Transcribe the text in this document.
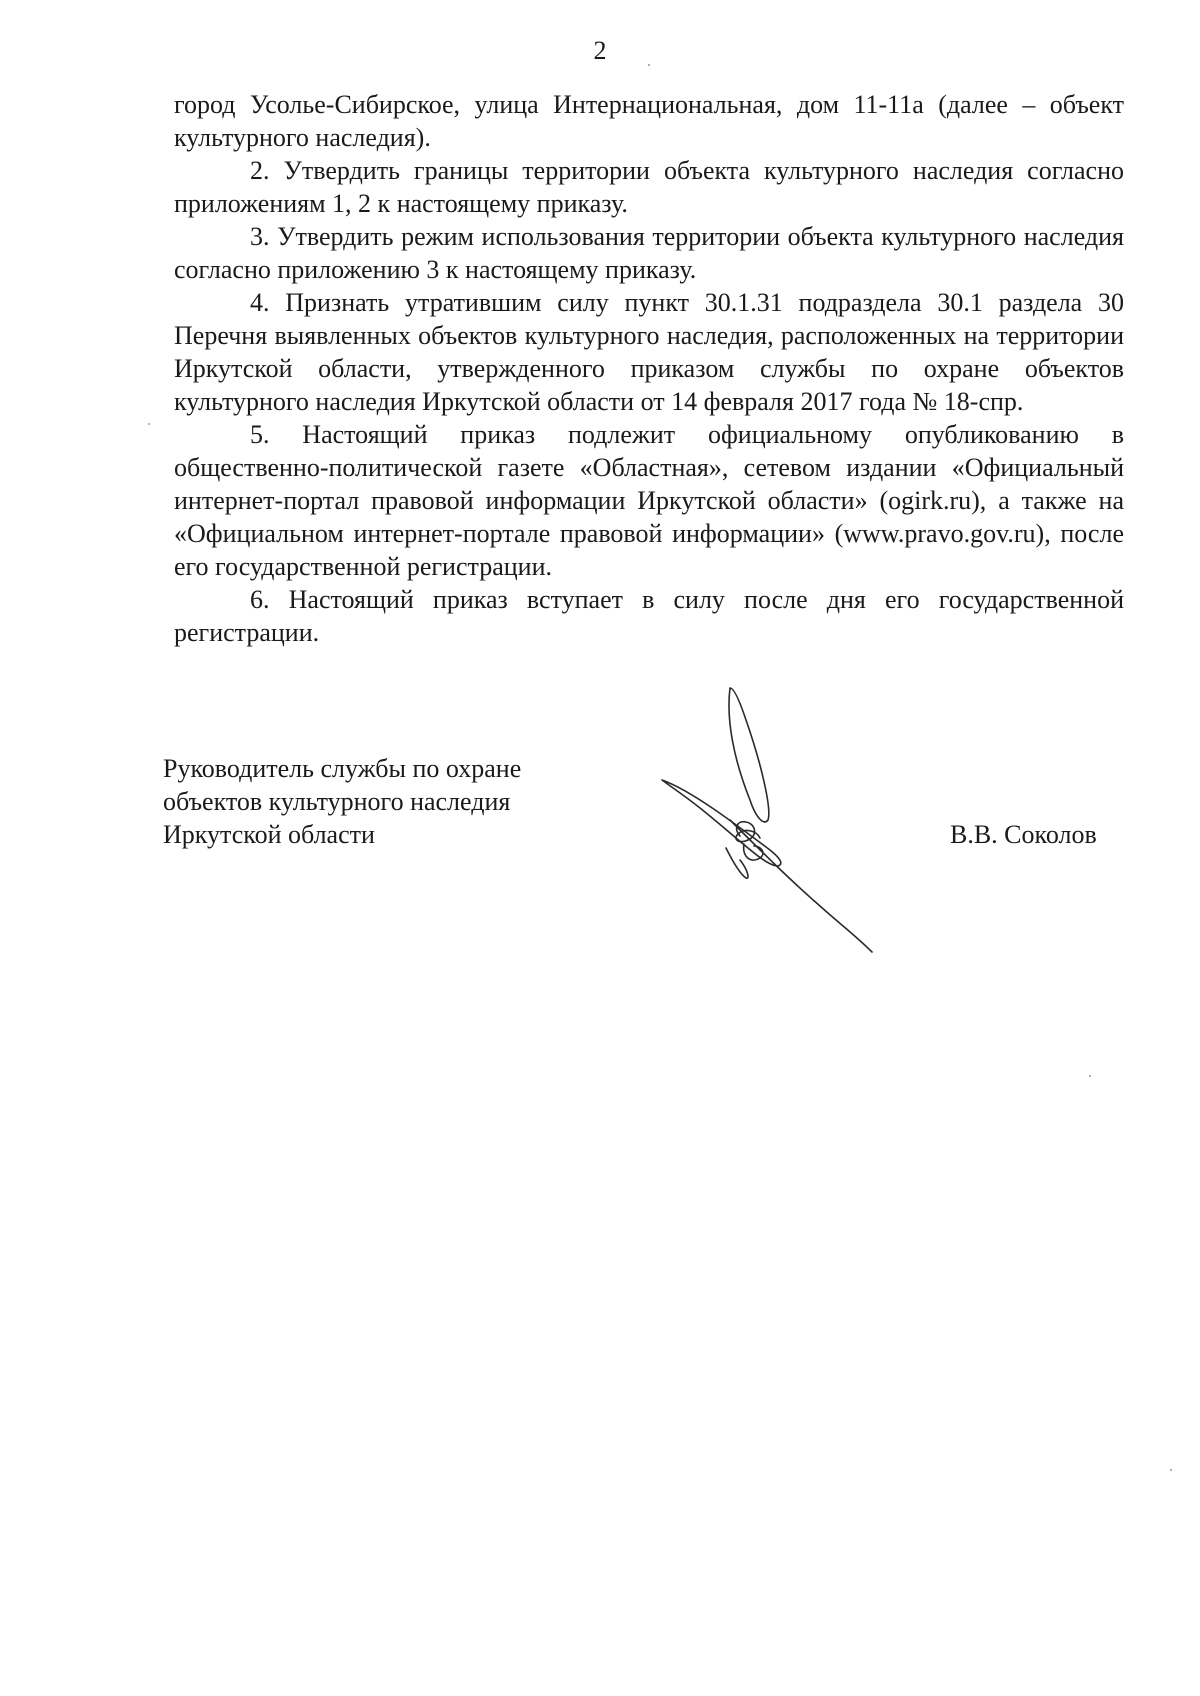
2

город Усолье-Сибирское, улица Интернациональная, дом 11-11а (далее – объект культурного наследия).

2. Утвердить границы территории объекта культурного наследия согласно приложениям 1, 2 к настоящему приказу.

3. Утвердить режим использования территории объекта культурного наследия согласно приложению 3 к настоящему приказу.

4. Признать утратившим силу пункт 30.1.31 подраздела 30.1 раздела 30 Перечня выявленных объектов культурного наследия, расположенных на территории Иркутской области, утвержденного приказом службы по охране объектов культурного наследия Иркутской области от 14 февраля 2017 года № 18-спр.

5. Настоящий приказ подлежит официальному опубликованию в общественно-политической газете «Областная», сетевом издании «Официальный интернет-портал правовой информации Иркутской области» (ogirk.ru), а также на «Официальном интернет-портале правовой информации» (www.pravo.gov.ru), после его государственной регистрации.

6. Настоящий приказ вступает в силу после дня его государственной регистрации.

Руководитель службы по охране
объектов культурного наследия
Иркутской области	В.В. Соколов
